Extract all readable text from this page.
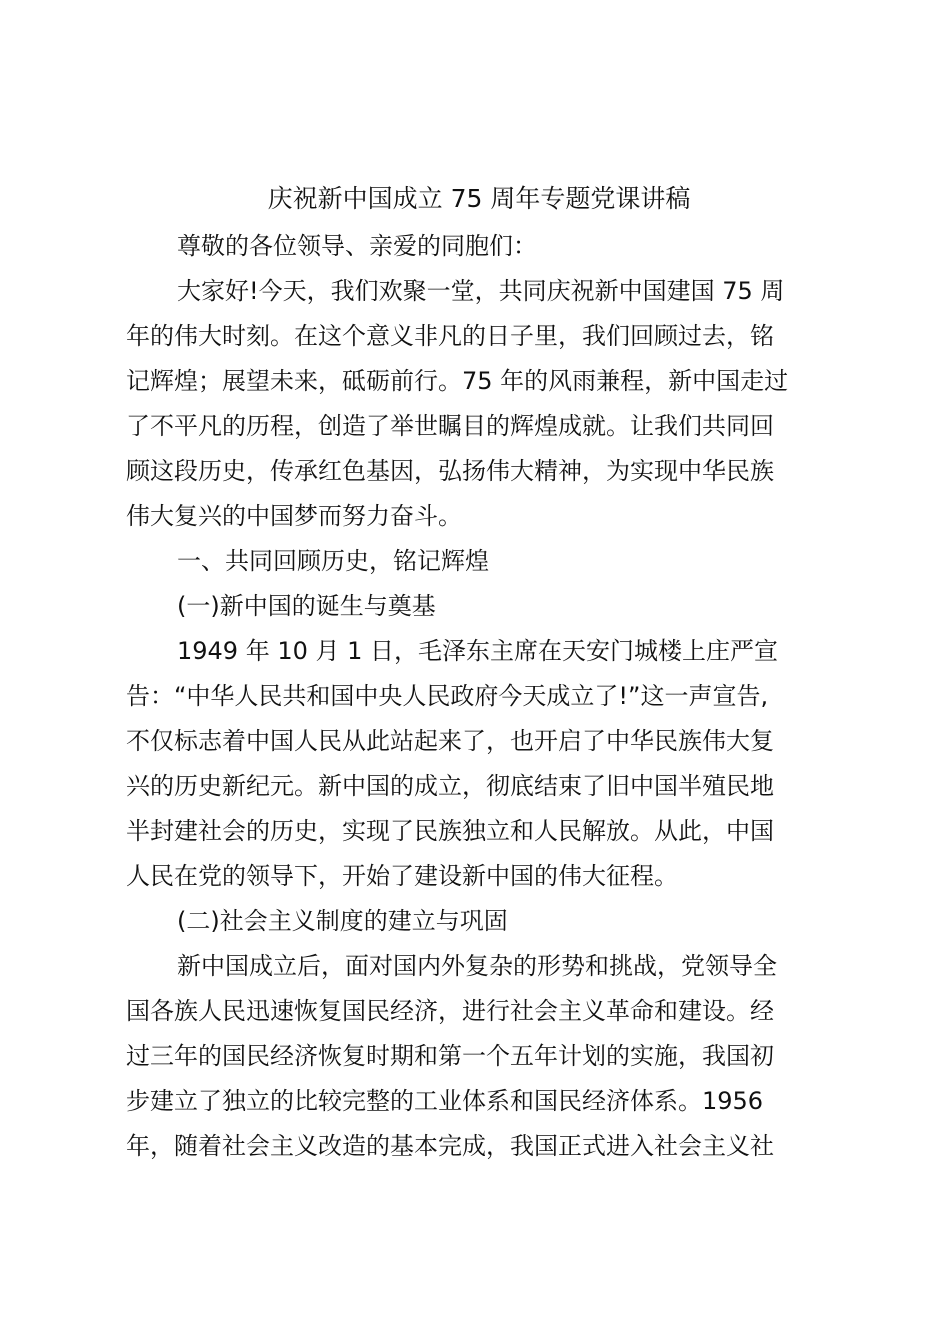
庆祝新中国成立 75 周年专题党课讲稿

尊敬的各位领导、亲爱的同胞们：

大家好!今天，我们欢聚一堂，共同庆祝新中国建国 75 周

年的伟大时刻。在这个意义非凡的日子里，我们回顾过去，铭

记辉煌；展望未来，砥砺前行。75 年的风雨兼程，新中国走过

了不平凡的历程，创造了举世瞩目的辉煌成就。让我们共同回

顾这段历史，传承红色基因，弘扬伟大精神，为实现中华民族

伟大复兴的中国梦而努力奋斗。

一、共同回顾历史，铭记辉煌

(一)新中国的诞生与奠基

1949 年 10 月 1 日，毛泽东主席在天安门城楼上庄严宣

告：“中华人民共和国中央人民政府今天成立了!”这一声宣告,

不仅标志着中国人民从此站起来了，也开启了中华民族伟大复

兴的历史新纪元。新中国的成立，彻底结束了旧中国半殖民地

半封建社会的历史，实现了民族独立和人民解放。从此，中国

人民在党的领导下，开始了建设新中国的伟大征程。

(二)社会主义制度的建立与巩固

新中国成立后，面对国内外复杂的形势和挑战，党领导全

国各族人民迅速恢复国民经济，进行社会主义革命和建设。经

过三年的国民经济恢复时期和第一个五年计划的实施，我国初

步建立了独立的比较完整的工业体系和国民经济体系。1956

年，随着社会主义改造的基本完成，我国正式进入社会主义社
